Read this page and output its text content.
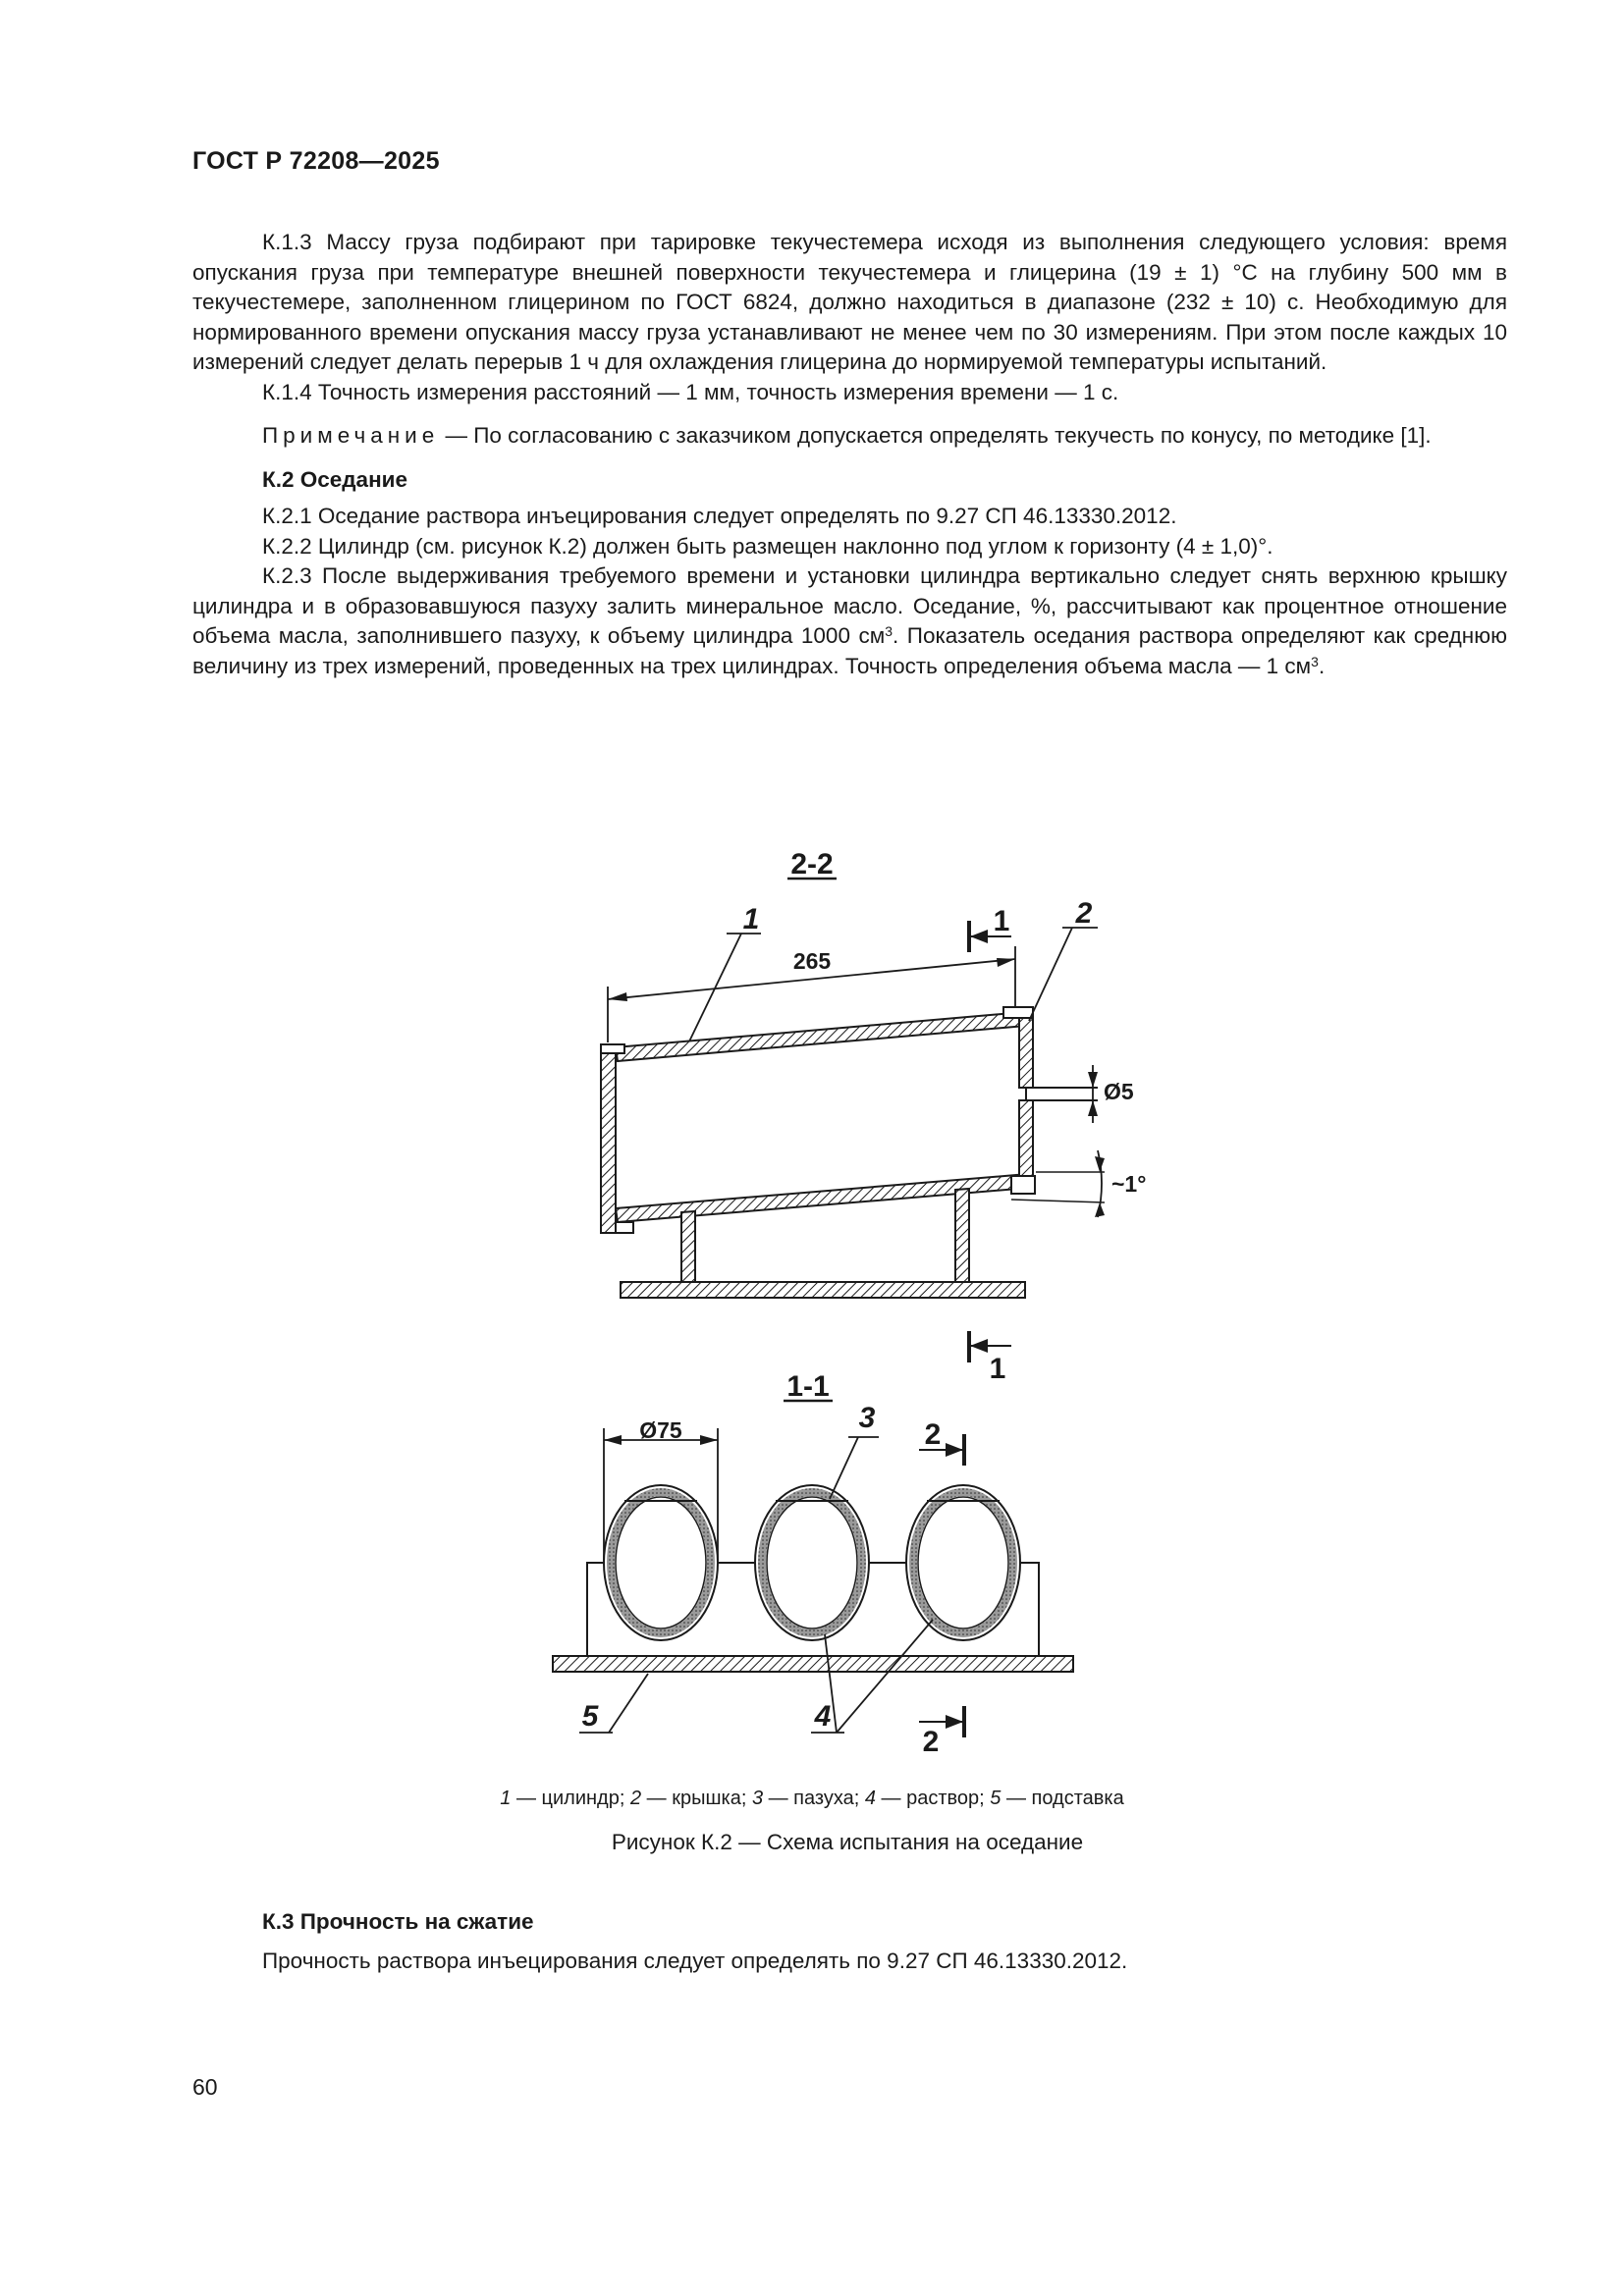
ГОСТ Р 72208—2025

К.1.3 Массу груза подбирают при тарировке текучестемера исходя из выполнения следующего условия: время опускания груза при температуре внешней поверхности текучестемера и глицерина (19 ± 1) °С на глубину 500 мм в текучестемере, заполненном глицерином по ГОСТ 6824, должно находиться в диапазоне (232 ± 10) с. Необходимую для нормированного времени опускания массу груза устанавливают не менее чем по 30 измерениям. При этом после каждых 10 измерений следует делать перерыв 1 ч для охлаждения глицерина до нормируемой температуры испытаний.

К.1.4 Точность измерения расстояний — 1 мм, точность измерения времени — 1 с.

Примечание — По согласованию с заказчиком допускается определять текучесть по конусу, по методике [1].

К.2 Оседание

К.2.1 Оседание раствора инъецирования следует определять по 9.27 СП 46.13330.2012.

К.2.2 Цилиндр (см. рисунок К.2) должен быть размещен наклонно под углом к горизонту (4 ± 1,0)°.

К.2.3 После выдерживания требуемого времени и установки цилиндра вертикально следует снять верхнюю крышку цилиндра и в образовавшуюся пазуху залить минеральное масло. Оседание, %, рассчитывают как процентное отношение объема масла, заполнившего пазуху, к объему цилиндра 1000 $см^3$. Показатель оседания раствора определяют как среднюю величину из трех измерений, проведенных на трех цилиндрах. Точность определения объема масла — 1 $см^3$.

2-2
265
1	2
1
1
Ø5
~1°
1-1
Ø75	3
4
5
2
2
1 — цилиндр; 2 — крышка; 3 — пазуха; 4 — раствор; 5 — подставка
Рисунок К.2 — Схема испытания на оседание

К.3 Прочность на сжатие

Прочность раствора инъецирования следует определять по 9.27 СП 46.13330.2012.

60
